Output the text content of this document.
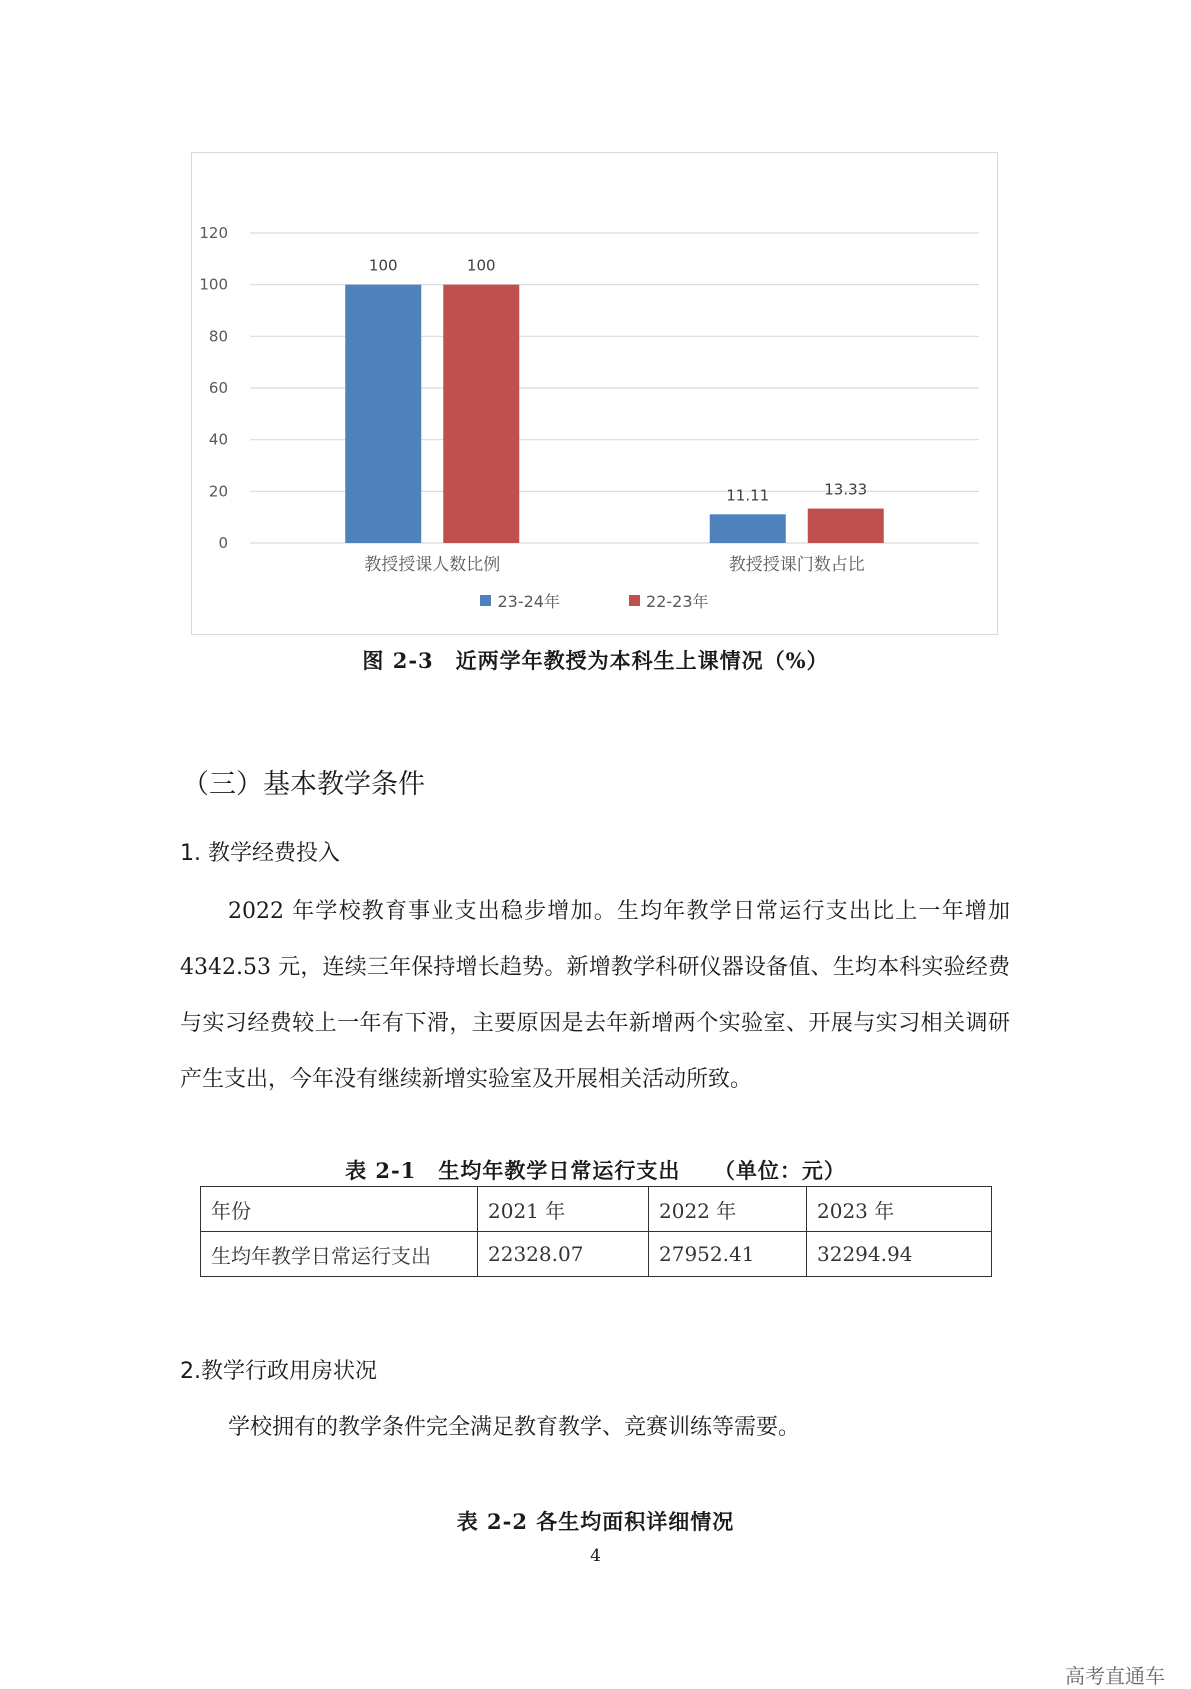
0
20
40
60
80
100
120
100	100
教授授课人数比例
11.11	13.33
教授授课门数占比
23-24年
	22-23年
图 2-3　近两学年教授为本科生上课情况（%）
（三）基本教学条件
1. 教学经费投入
2022 年学校教育事业支出稳步增加。生均年教学日常运行支出比上一年增加 4342.53 元，连续三年保持增长趋势。新增教学科研仪器设备值、生均本科实验经费与实习经费较上一年有下滑，主要原因是去年新增两个实验室、开展与实习相关调研产生支出，今年没有继续新增实验室及开展相关活动所致。
表 2-1　生均年教学日常运行支出　　（单位：元）
年份	2021 年	2022 年	2023 年
生均年教学日常运行支出	22328.07	27952.41	32294.94
2.教学行政用房状况
学校拥有的教学条件完全满足教育教学、竞赛训练等需要。
表 2-2 各生均面积详细情况
4
高考直通车
